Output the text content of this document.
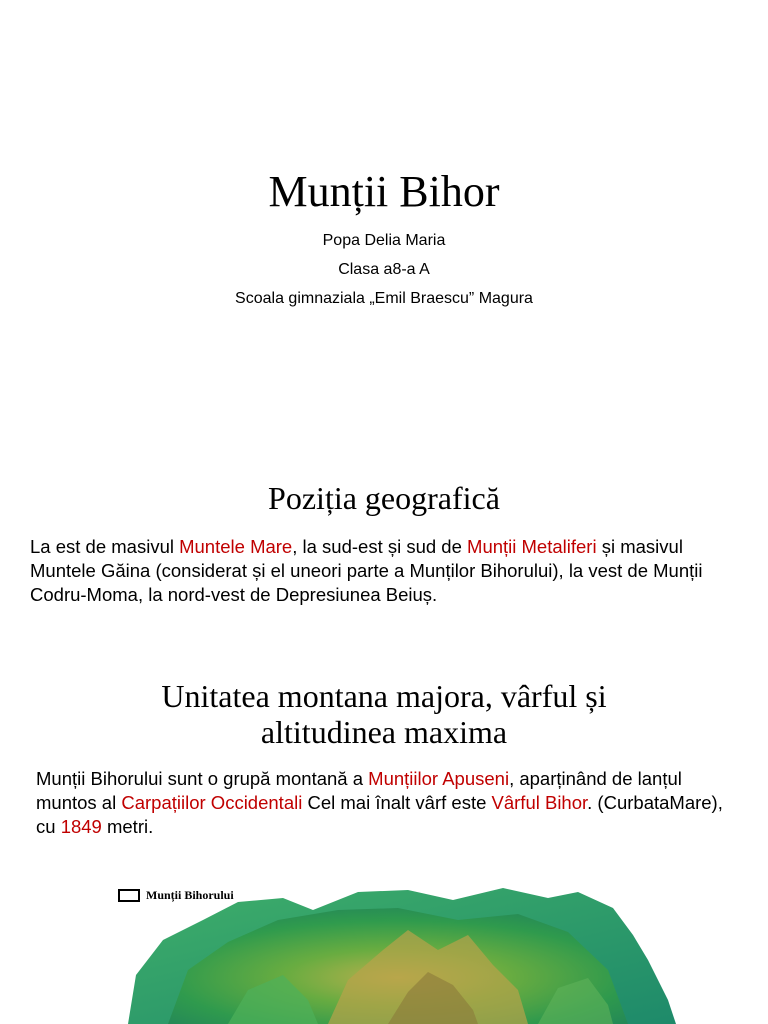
Munții Bihor
Popa Delia Maria
Clasa a8-a A
Scoala gimnaziala „Emil Braescu” Magura
Poziția geografică
La est de masivul Muntele Mare, la sud-est și sud de Munții Metaliferi și masivul Muntele Găina (considerat și el uneori parte a Munților Bihorului), la vest de Munții Codru-Moma, la nord-vest de Depresiunea Beiuș.
Unitatea montana majora, vârful și altitudinea maxima
Munții Bihorului sunt o grupă montană a Munțiilor Apuseni, aparținând de lanțul muntos al Carpațiilor Occidentali Cel mai înalt vârf este Vârful Bihor. (CurbataMare), cu 1849 metri.
Munții Bihorului
